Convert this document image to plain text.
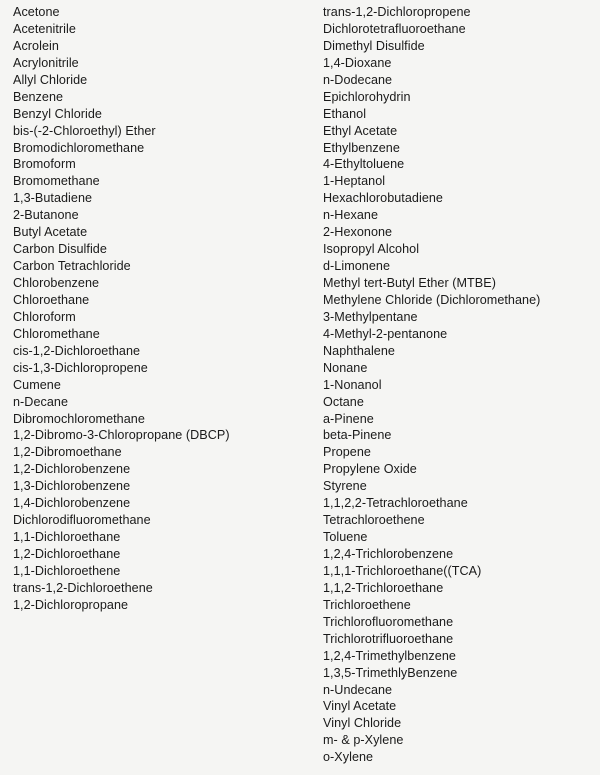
Acetone
Acetenitrile
Acrolein
Acrylonitrile
Allyl Chloride
Benzene
Benzyl Chloride
bis-(-2-Chloroethyl) Ether
Bromodichloromethane
Bromoform
Bromomethane
1,3-Butadiene
2-Butanone
Butyl Acetate
Carbon Disulfide
Carbon Tetrachloride
Chlorobenzene
Chloroethane
Chloroform
Chloromethane
cis-1,2-Dichloroethane
cis-1,3-Dichloropropene
Cumene
n-Decane
Dibromochloromethane
1,2-Dibromo-3-Chloropropane (DBCP)
1,2-Dibromoethane
1,2-Dichlorobenzene
1,3-Dichlorobenzene
1,4-Dichlorobenzene
Dichlorodifluoromethane
1,1-Dichloroethane
1,2-Dichloroethane
1,1-Dichloroethene
trans-1,2-Dichloroethene
1,2-Dichloropropane
trans-1,2-Dichloropropene
Dichlorotetrafluoroethane
Dimethyl Disulfide
1,4-Dioxane
n-Dodecane
Epichlorohydrin
Ethanol
Ethyl Acetate
Ethylbenzene
4-Ethyltoluene
1-Heptanol
Hexachlorobutadiene
n-Hexane
2-Hexonone
Isopropyl Alcohol
d-Limonene
Methyl tert-Butyl Ether (MTBE)
Methylene Chloride (Dichloromethane)
3-Methylpentane
4-Methyl-2-pentanone
Naphthalene
Nonane
1-Nonanol
Octane
a-Pinene
beta-Pinene
Propene
Propylene Oxide
Styrene
1,1,2,2-Tetrachloroethane
Tetrachloroethene
Toluene
1,2,4-Trichlorobenzene
1,1,1-Trichloroethane((TCA)
1,1,2-Trichloroethane
Trichloroethene
Trichlorofluoromethane
Trichlorotrifluoroethane
1,2,4-Trimethylbenzene
1,3,5-TrimethlyBenzene
n-Undecane
Vinyl Acetate
Vinyl Chloride
m- & p-Xylene
o-Xylene
